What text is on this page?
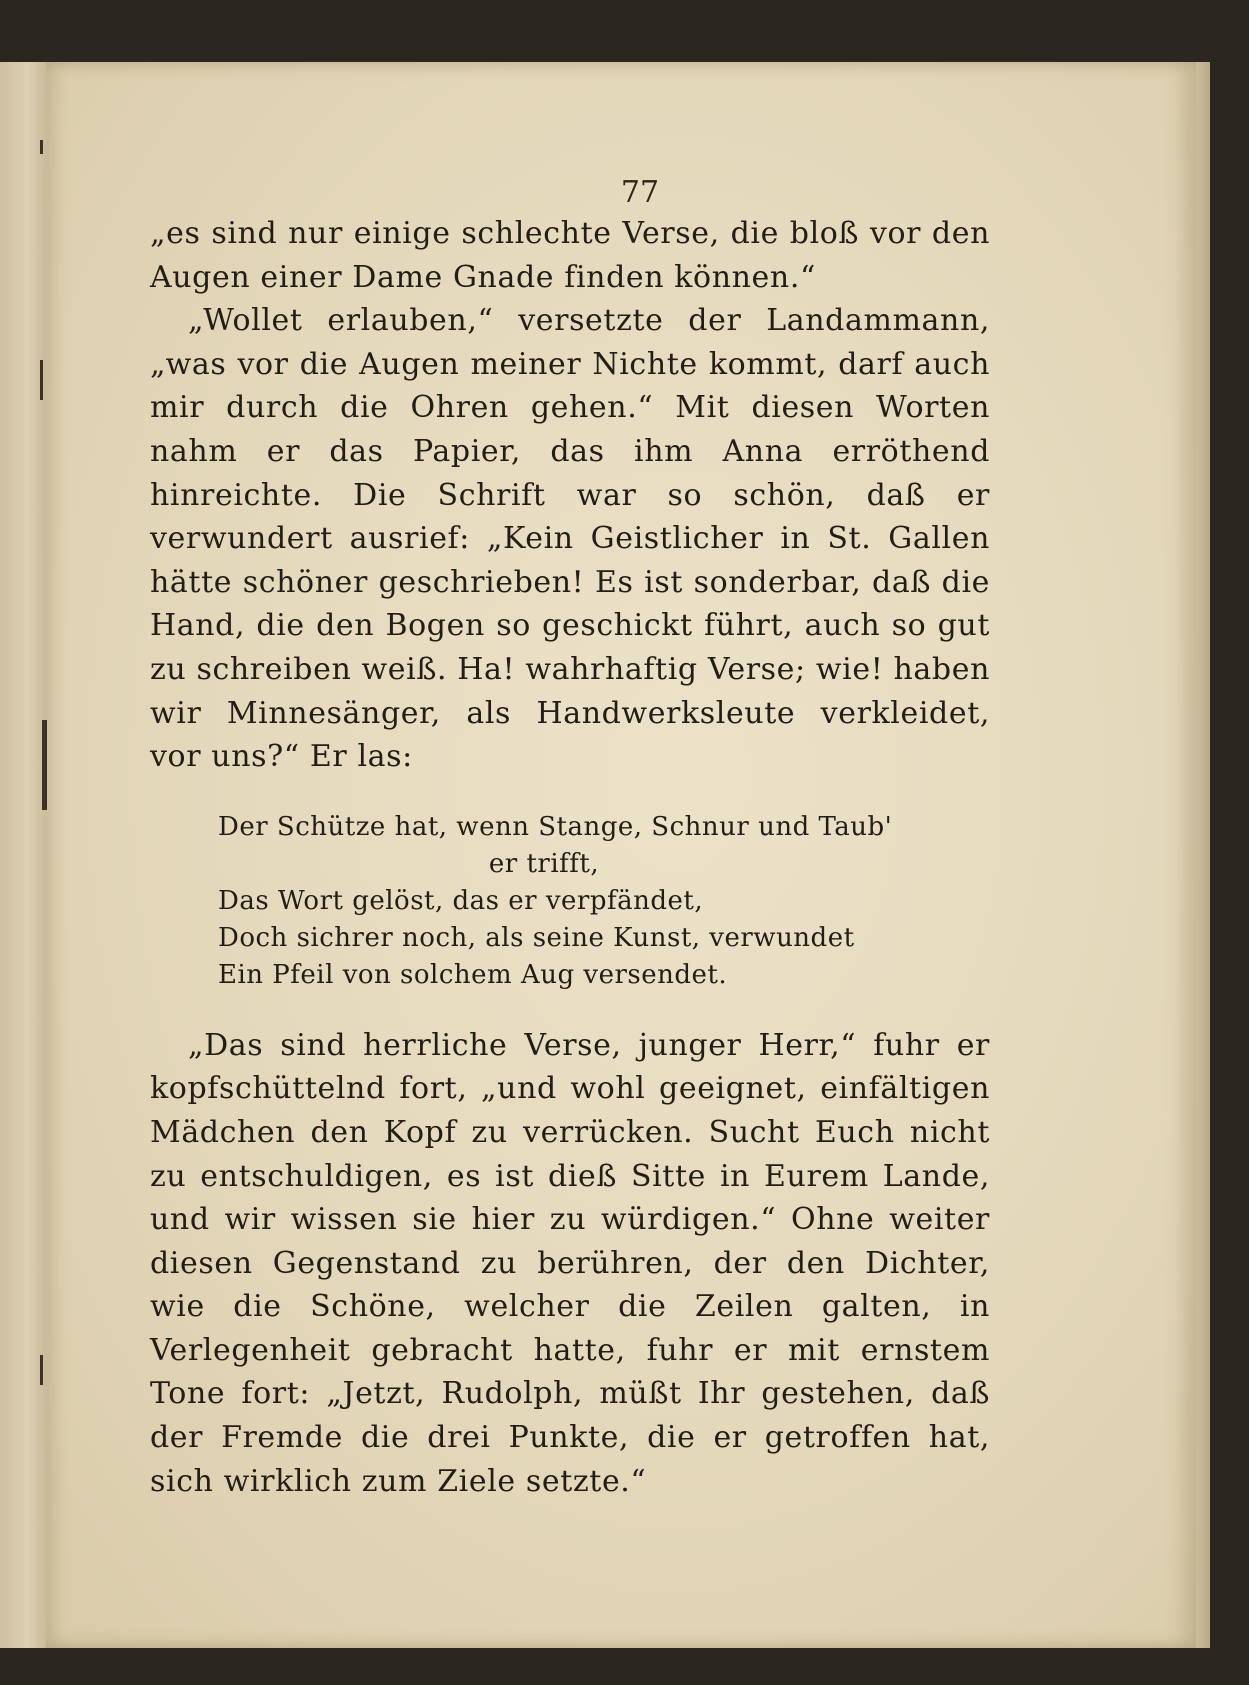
77

„es sind nur einige schlechte Verse, die bloß vor den Augen einer Dame Gnade finden können.“

„Wollet erlauben,“ versetzte der Landammann, „was vor die Augen meiner Nichte kommt, darf auch mir durch die Ohren gehen.“ Mit diesen Worten nahm er das Papier, das ihm Anna erröthend hinreichte. Die Schrift war so schön, daß er verwundert ausrief: „Kein Geistlicher in St. Gallen hätte schöner geschrieben! Es ist sonderbar, daß die Hand, die den Bogen so geschickt führt, auch so gut zu schreiben weiß. Ha! wahrhaftig Verse; wie! haben wir Minnesänger, als Handwerksleute verkleidet, vor uns?“ Er las:

Der Schütze hat, wenn Stange, Schnur und Taub'

er trifft,

Das Wort gelöst, das er verpfändet,

Doch sichrer noch, als seine Kunst, verwundet

Ein Pfeil von solchem Aug versendet.

„Das sind herrliche Verse, junger Herr,“ fuhr er kopfschüttelnd fort, „und wohl geeignet, einfältigen Mädchen den Kopf zu verrücken. Sucht Euch nicht zu entschuldigen, es ist dieß Sitte in Eurem Lande, und wir wissen sie hier zu würdigen.“ Ohne weiter diesen Gegenstand zu berühren, der den Dichter, wie die Schöne, welcher die Zeilen galten, in Verlegenheit gebracht hatte, fuhr er mit ernstem Tone fort: „Jetzt, Rudolph, müßt Ihr gestehen, daß der Fremde die drei Punkte, die er getroffen hat, sich wirklich zum Ziele setzte.“
